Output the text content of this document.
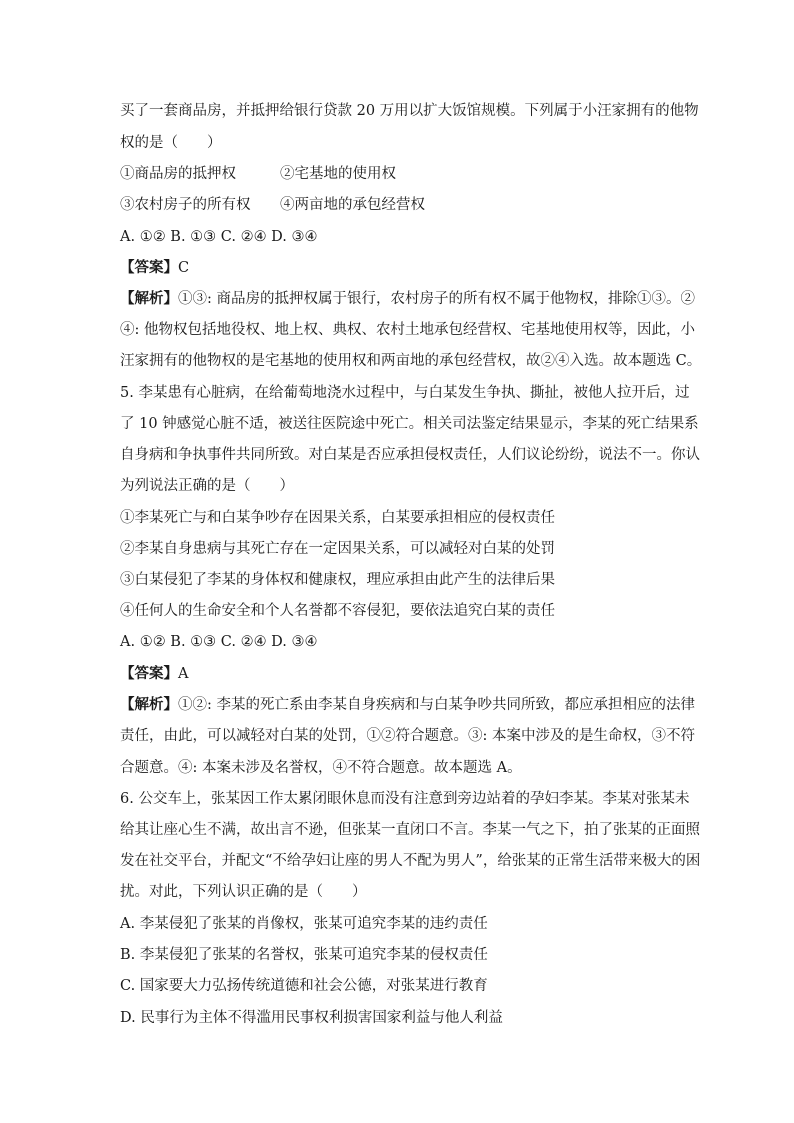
买了一套商品房，并抵押给银行贷款 20 万用以扩大饭馆规模。下列属于小汪家拥有的他物
权的是（　　）
①商品房的抵押权	②宅基地的使用权
③农村房子的所有权 ④两亩地的承包经营权
A. ①② B. ①③ C. ②④ D. ③④
【答案】C
【解析】①③: 商品房的抵押权属于银行，农村房子的所有权不属于他物权，排除①③。②
④: 他物权包括地役权、地上权、典权、农村土地承包经营权、宅基地使用权等，因此，小
汪家拥有的他物权的是宅基地的使用权和两亩地的承包经营权，故②④入选。故本题选 C。
5. 李某患有心脏病，在给葡萄地浇水过程中，与白某发生争执、撕扯，被他人拉开后，过
了 10 钟感觉心脏不适，被送往医院途中死亡。相关司法鉴定结果显示，李某的死亡结果系
自身病和争执事件共同所致。对白某是否应承担侵权责任，人们议论纷纷，说法不一。你认
为列说法正确的是（　　）
①李某死亡与和白某争吵存在因果关系，白某要承担相应的侵权责任
②李某自身患病与其死亡存在一定因果关系，可以减轻对白某的处罚
③白某侵犯了李某的身体权和健康权，理应承担由此产生的法律后果
④任何人的生命安全和个人名誉都不容侵犯，要依法追究白某的责任
A. ①② B. ①③ C. ②④ D. ③④
【答案】A
【解析】①②: 李某的死亡系由李某自身疾病和与白某争吵共同所致，都应承担相应的法律
责任，由此，可以减轻对白某的处罚，①②符合题意。③: 本案中涉及的是生命权，③不符
合题意。④: 本案未涉及名誉权，④不符合题意。故本题选 A。
6. 公交车上，张某因工作太累闭眼休息而没有注意到旁边站着的孕妇李某。李某对张某未
给其让座心生不满，故出言不逊，但张某一直闭口不言。李某一气之下，拍了张某的正面照
发在社交平台，并配文“不给孕妇让座的男人不配为男人”，给张某的正常生活带来极大的困
扰。对此，下列认识正确的是（　　）
A. 李某侵犯了张某的肖像权，张某可追究李某的违约责任
B. 李某侵犯了张某的名誉权，张某可追究李某的侵权责任
C. 国家要大力弘扬传统道德和社会公德，对张某进行教育
D. 民事行为主体不得滥用民事权利损害国家利益与他人利益
